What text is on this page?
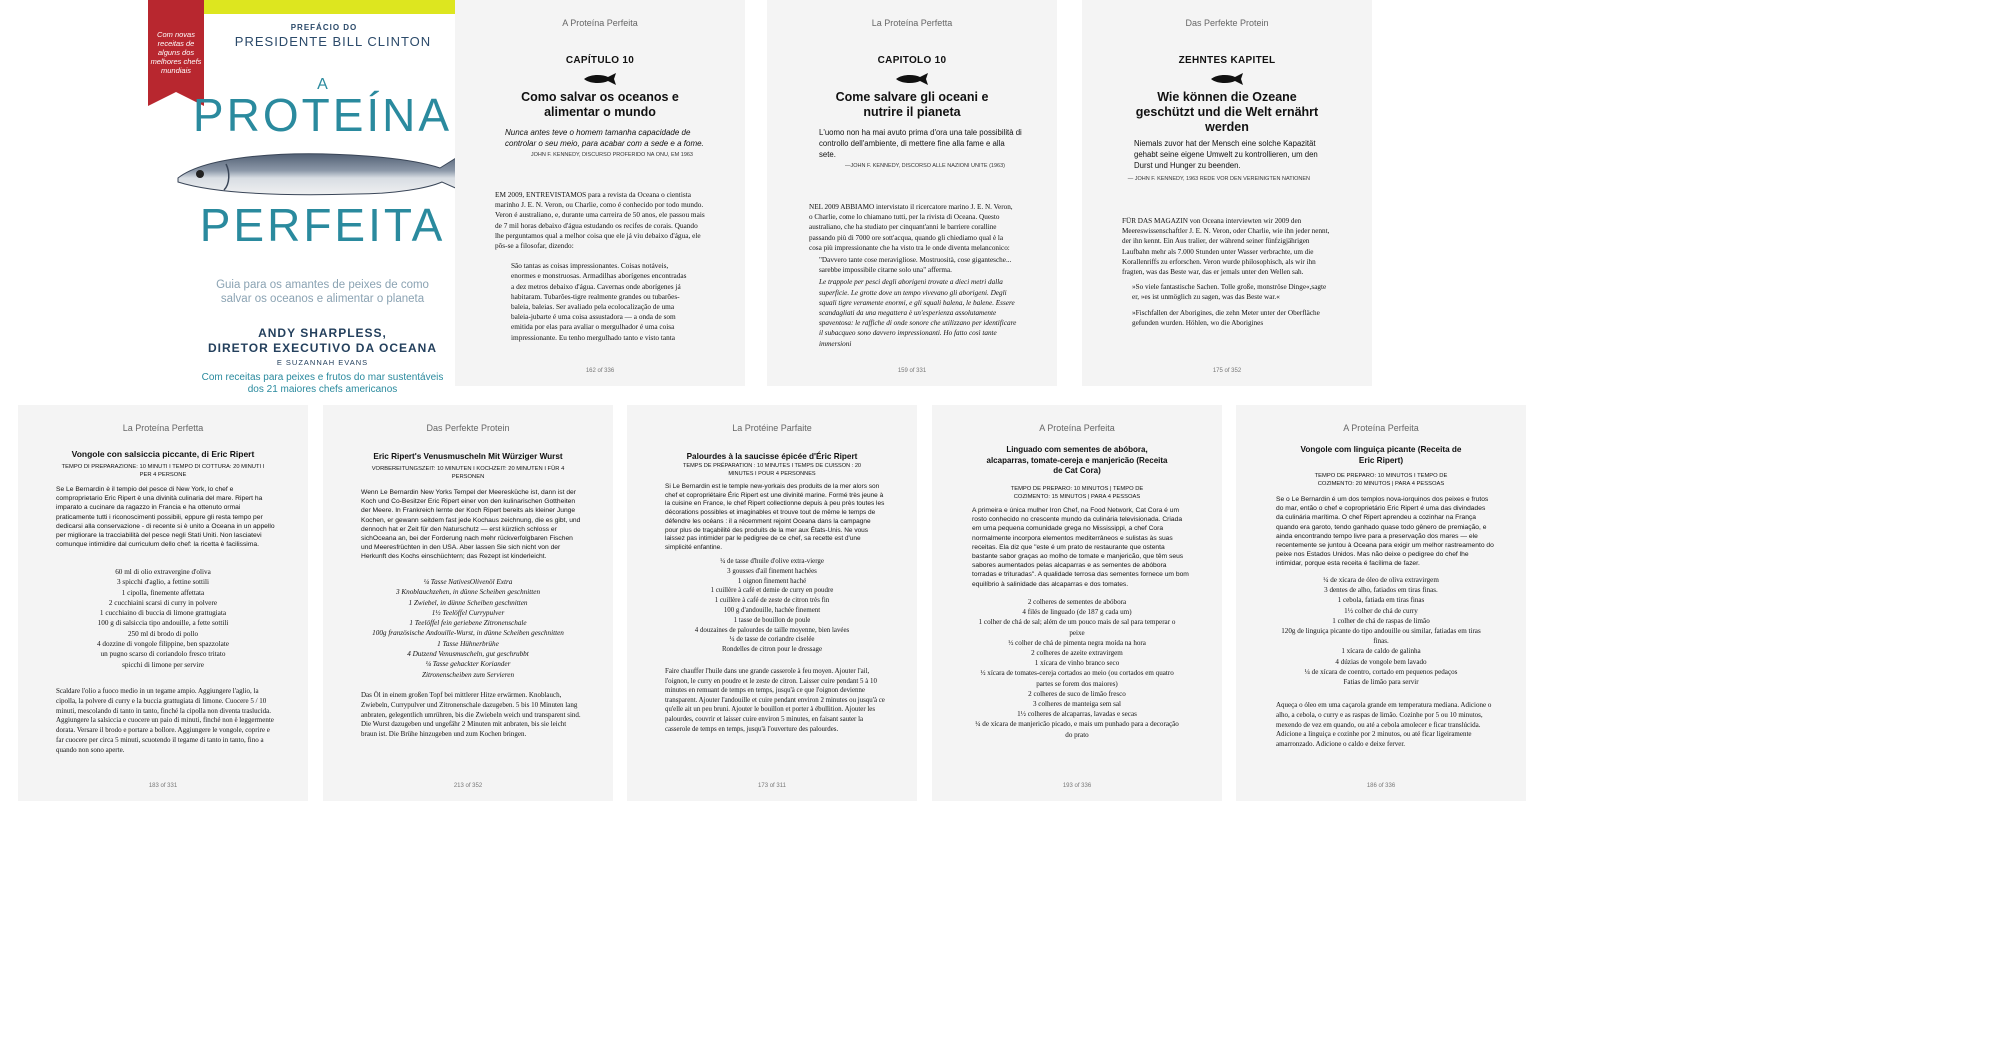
Com novas receitas de alguns dos melhores chefs mundiais
PREFÁCIO DO
PRESIDENTE BILL CLINTON
A
PROTEÍNA
PERFEITA
Guia para os amantes de peixes de como
salvar os oceanos e alimentar o planeta
ANDY SHARPLESS,
DIRETOR EXECUTIVO DA OCEANA
E SUZANNAH EVANS
Com receitas para peixes e frutos do mar sustentáveis
dos 21 maiores chefs americanos
A Proteína Perfeita
CAPÍTULO 10
Como salvar os oceanos e alimentar o mundo
Nunca antes teve o homem tamanha capacidade de controlar o seu meio, para acabar com a sede e a fome.
JOHN F. KENNEDY, DISCURSO PROFERIDO NA ONU, EM 1963

EM 2009, ENTREVISTAMOS para a revista da Oceana o cientista marinho J. E. N. Veron, ou Charlie, como é conhecido por todo mundo. Veron é australiano, e, durante uma carreira de 50 anos, ele passou mais de 7 mil horas debaixo d'água estudando os recifes de corais. Quando lhe perguntamos qual a melhor coisa que ele já viu debaixo d'água, ele pôs-se a filosofar, dizendo:

São tantas as coisas impressionantes. Coisas notáveis, enormes e monstruosas. Armadilhas aborígenes encontradas a dez metros debaixo d'água. Cavernas onde aborígenes já habitaram. Tubarões-tigre realmente grandes ou tubarões-baleia, baleias. Ser avaliado pela ecolocalização de uma baleia-jubarte é uma coisa assustadora — a onda de som emitida por elas para avaliar o mergulhador é uma coisa impressionante. Eu tenho mergulhado tanto e visto tanta

162 of 336
La Proteína Perfetta
CAPITOLO 10
Come salvare gli oceani e nutrire il pianeta
L'uomo non ha mai avuto prima d'ora una tale possibilità di controllo dell'ambiente, di mettere fine alla fame e alla sete.
—JOHN F. KENNEDY, DISCORSO ALLE NAZIONI UNITE (1963)

NEL 2009 ABBIAMO intervistato il ricercatore marino J. E. N. Veron, o Charlie, come lo chiamano tutti, per la rivista di Oceana. Questo australiano, che ha studiato per cinquant'anni le barriere coralline passando più di 7000 ore sott'acqua, quando gli chiediamo qual è la cosa più impressionante che ha visto tra le onde diventa melanconico:

"Davvero tante cose meravigliose. Mostruosità, cose gigantesche... sarebbe impossibile citarne solo una" afferma.

Le trappole per pesci degli aborigeni trovate a dieci metri dalla superficie. Le grotte dove un tempo vivevano gli aborigeni. Degli squali tigre veramente enormi, e gli squali balena, le balene. Essere scandagliati da una megattera è un'esperienza assolutamente spaventosa: le raffiche di onde sonore che utilizzano per identificare il subacqueo sono davvero impressionanti. Ho fatto così tante immersioni

159 of 331
Das Perfekte Protein
ZEHNTES KAPITEL
Wie können die Ozeane geschützt und die Welt ernährt werden
Niemals zuvor hat der Mensch eine solche Kapazität gehabt seine eigene Umwelt zu kontrollieren, um den Durst und Hunger zu beenden.
— JOHN F. KENNEDY, 1963 REDE VOR DEN VEREINIGTEN NATIONEN

FÜR DAS MAGAZIN von Oceana interviewten wir 2009 den Meereswissenschaftler J. E. N. Veron, oder Charlie, wie ihn jeder nennt, der ihn kennt. Ein Aus tralier, der während seiner fünfzigjährigen Laufbahn mehr als 7.000 Stunden unter Wasser verbrachte, um die Korallenriffs zu erforschen. Veron wurde philosophisch, als wir ihn fragten, was das Beste war, das er jemals unter den Wellen sah.

»So viele fantastische Sachen. Tolle große, monströse Dinge«,sagte er, »es ist unmöglich zu sagen, was das Beste war.«

»Fischfallen der Aborigines, die zehn Meter unter der Oberfläche gefunden wurden. Höhlen, wo die Aborigines

175 of 352
La Proteína Perfetta
Vongole con salsiccia piccante, di Eric Ripert
TEMPO DI PREPARAZIONE: 10 MINUTI I TEMPO DI COTTURA: 20 MINUTI I PER 4 PERSONE
Se Le Bernardin è il tempio del pesce di New York, lo chef e comproprietario Eric Ripert è una divinità culinaria del mare. Ripert ha imparato a cucinare da ragazzo in Francia e ha ottenuto ormai praticamente tutti i riconoscimenti possibili, eppure gli resta tempo per dedicarsi alla conservazione - di recente si è unito a Oceana in un appello per migliorare la tracciabilità del pesce negli Stati Uniti. Non lasciatevi comunque intimidire dal curriculum dello chef: la ricetta è facilissima.
60 ml di olio extravergine d'oliva
3 spicchi d'aglio, a fettine sottili
1 cipolla, finemente affettata
2 cucchiaini scarsi di curry in polvere
1 cucchiaino di buccia di limone grattugiata
100 g di salsiccia tipo andouille, a fette sottili
250 ml di brodo di pollo
4 dozzine di vongole filippine, ben spazzolate
un pugno scarso di coriandolo fresco tritato
spicchi di limone per servire
Scaldare l'olio a fuoco medio in un tegame ampio. Aggiungere l'aglio, la cipolla, la polvere di curry e la buccia grattugiata di limone. Cuocere 5 / 10 minuti, mescolando di tanto in tanto, finché la cipolla non diventa traslucida. Aggiungere la salsiccia e cuocere un paio di minuti, finché non è leggermente dorata. Versare il brodo e portare a bollore. Aggiungere le vongole, coprire e far cuocere per circa 5 minuti, scuotendo il tegame di tanto in tanto, fino a quando non sono aperte.
183 of 331
Das Perfekte Protein
Eric Ripert's Venusmuscheln Mit Würziger Wurst
VORBEREITUNGSZEIT: 10 MINUTEN I KOCHZEIT: 20 MINUTEN I FÜR 4 PERSONEN
Wenn Le Bernardin New Yorks Tempel der Meeresküche ist, dann ist der Koch und Co-Besitzer Eric Ripert einer von den kulinarischen Gottheiten der Meere. In Frankreich lernte der Koch Ripert bereits als kleiner Junge Kochen, er gewann seitdem fast jede Kochaus zeichnung, die es gibt, und dennoch hat er Zeit für den Naturschutz — erst kürzlich schloss er sichOceana an, bei der Forderung nach mehr rückverfolgbaren Fischen und Meeresfrüchten in den USA. Aber lassen Sie sich nicht von der Herkunft des Kochs einschüchtern; das Rezept ist kinderleicht.
¼ Tasse NativesOlivenöl Extra
3 Knoblauchzehen, in dünne Scheiben geschnitten
1 Zwiebel, in dünne Scheiben geschnitten
1½ Teelöffel Currypulver
1 Teelöffel fein geriebene Zitronenschale
100g französische Andouille-Wurst, in dünne Scheiben geschnitten
1 Tasse Hühnerbrühe
4 Dutzend Venusmuscheln, gut geschrubbt
¼ Tasse gehackter Koriander
Zitronenscheiben zum Servieren
Das Öl in einem großen Topf bei mittlerer Hitze erwärmen. Knoblauch, Zwiebeln, Currypulver und Zitronenschale dazugeben. 5 bis 10 Minuten lang anbraten, gelegentlich umrühren, bis die Zwiebeln weich und transparent sind. Die Wurst dazugeben und ungefähr 2 Minuten mit anbraten, bis sie leicht braun ist. Die Brühe hinzugeben und zum Kochen bringen.
213 of 352
La Protéine Parfaite
Palourdes à la saucisse épicée d'Éric Ripert
TEMPS DE PRÉPARATION : 10 MINUTES I TEMPS DE CUISSON : 20 MINUTES I POUR 4 PERSONNES
Si Le Bernardin est le temple new-yorkais des produits de la mer alors son chef et copropriétaire Éric Ripert est une divinité marine. Formé très jeune à la cuisine en France, le chef Ripert collectionne depuis à peu près toutes les décorations possibles et imaginables et trouve tout de même le temps de défendre les océans : il a récemment rejoint Oceana dans la campagne pour plus de traçabilité des produits de la mer aux États-Unis. Ne vous laissez pas intimider par le pedigree de ce chef, sa recette est d'une simplicité enfantine.
¼ de tasse d'huile d'olive extra-vierge
3 gousses d'ail finement hachées
1 oignon finement haché
1 cuillère à café et demie de curry en poudre
1 cuillère à café de zeste de citron très fin
100 g d'andouille, hachée finement
1 tasse de bouillon de poule
4 douzaines de palourdes de taille moyenne, bien lavées
¼ de tasse de coriandre ciselée
Rondelles de citron pour le dressage
Faire chauffer l'huile dans une grande casserole à feu moyen. Ajouter l'ail, l'oignon, le curry en poudre et le zeste de citron. Laisser cuire pendant 5 à 10 minutes en remuant de temps en temps, jusqu'à ce que l'oignon devienne transparent. Ajouter l'andouille et cuire pendant environ 2 minutes ou jusqu'à ce qu'elle ait un peu bruni. Ajouter le bouillon et porter à ébullition. Ajouter les palourdes, couvrir et laisser cuire environ 5 minutes, en faisant sauter la casserole de temps en temps, jusqu'à l'ouverture des palourdes.
173 of 311
A Proteína Perfeita
Linguado com sementes de abóbora, alcaparras, tomate-cereja e manjericão (Receita de Cat Cora)
TEMPO DE PREPARO: 10 MINUTOS | TEMPO DE COZIMENTO: 15 MINUTOS | PARA 4 PESSOAS
A primeira e única mulher Iron Chef, na Food Network, Cat Cora é um rosto conhecido no crescente mundo da culinária televisionada. Criada em uma pequena comunidade grega no Mississippi, a chef Cora normalmente incorpora elementos mediterrâneos e sulistas às suas receitas. Ela diz que "este é um prato de restaurante que ostenta bastante sabor graças ao molho de tomate e manjericão, que têm seus sabores aumentados pelas alcaparras e as sementes de abóbora torradas e trituradas". A qualidade terrosa das sementes fornece um bom equilíbrio à salinidade das alcaparras e dos tomates.
2 colheres de sementes de abóbora
4 filés de linguado (de 187 g cada um)
1 colher de chá de sal; além de um pouco mais de sal para temperar o peixe
½ colher de chá de pimenta negra moída na hora
2 colheres de azeite extravirgem
1 xícara de vinho branco seco
½ xícara de tomates-cereja cortados ao meio (ou cortados em quatro partes se forem dos maiores)
2 colheres de suco de limão fresco
3 colheres de manteiga sem sal
1½ colheres de alcaparras, lavadas e secas
¼ de xícara de manjericão picado, e mais um punhado para a decoração do prato
193 of 336
A Proteína Perfeita
Vongole com linguiça picante (Receita de Eric Ripert)
TEMPO DE PREPARO: 10 MINUTOS I TEMPO DE COZIMENTO: 20 MINUTOS | PARA 4 PESSOAS
Se o Le Bernardin é um dos templos nova-iorquinos dos peixes e frutos do mar, então o chef e coproprietário Eric Ripert é uma das divindades da culinária marítima. O chef Ripert aprendeu a cozinhar na França quando era garoto, tendo ganhado quase todo gênero de premiação, e ainda encontrando tempo livre para a preservação dos mares — ele recentemente se juntou à Oceana para exigir um melhor rastreamento do peixe nos Estados Unidos. Mas não deixe o pedigree do chef lhe intimidar, porque esta receita é facílima de fazer.
¼ de xícara de óleo de oliva extravirgem
3 dentes de alho, fatiados em tiras finas.
1 cebola, fatiada em tiras finas
1½ colher de chá de curry
1 colher de chá de raspas de limão
120g de linguiça picante do tipo andouille ou similar, fatiadas em tiras finas.
1 xícara de caldo de galinha
4 dúzias de vongole bem lavado
¼ de xícara de coentro, cortado em pequenos pedaços
Fatias de limão para servir
Aqueça o óleo em uma caçarola grande em temperatura mediana. Adicione o alho, a cebola, o curry e as raspas de limão. Cozinhe por 5 ou 10 minutos, mexendo de vez em quando, ou até a cebola amolecer e ficar translúcida. Adicione a linguiça e cozinhe por 2 minutos, ou até ficar ligeiramente amarronzado. Adicione o caldo e deixe ferver.
186 of 336
